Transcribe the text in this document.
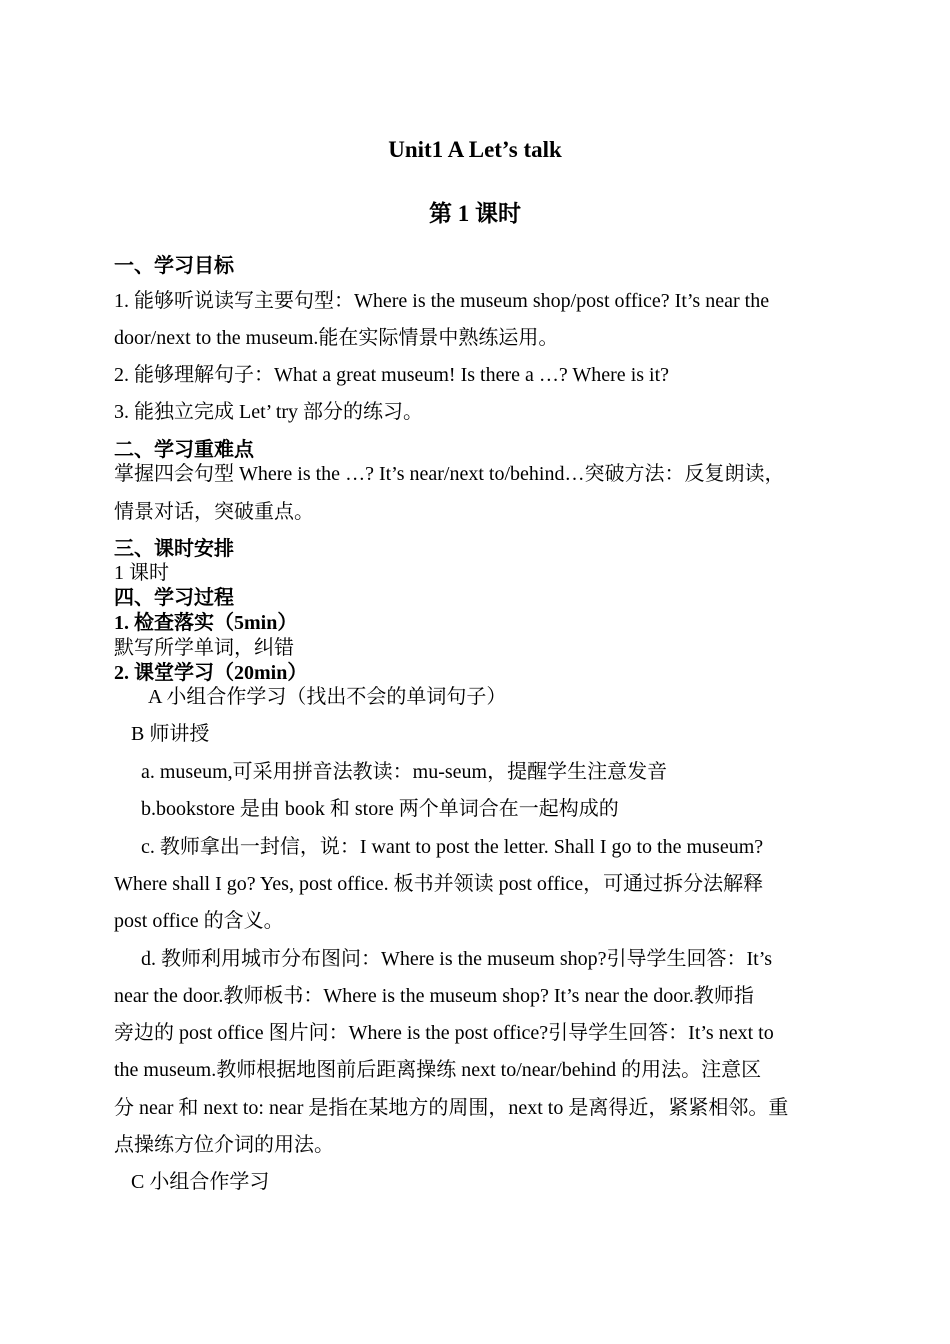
Unit1 A Let’s talk
第 1 课时
一、学习目标
1. 能够听说读写主要句型：Where is the museum shop/post office? It’s near the
door/next to the museum.能在实际情景中熟练运用。
2. 能够理解句子：What a great museum! Is there a …? Where is it?
3. 能独立完成 Let’ try 部分的练习。
二、学习重难点
掌握四会句型 Where is the …? It’s near/next to/behind…突破方法：反复朗读，
情景对话，突破重点。
三、课时安排
1 课时
四、学习过程
1. 检查落实（5min）
默写所学单词，纠错
2. 课堂学习（20min）
A 小组合作学习（找出不会的单词句子）
B 师讲授
a. museum,可采用拼音法教读：mu-seum，提醒学生注意发音
b.bookstore 是由 book 和 store 两个单词合在一起构成的
c. 教师拿出一封信，说：I want to post the letter. Shall I go to the museum?
Where shall I go? Yes, post office. 板书并领读 post office，可通过拆分法解释
post office 的含义。
d. 教师利用城市分布图问：Where is the museum shop?引导学生回答：It’s
near the door.教师板书：Where is the museum shop? It’s near the door.教师指
旁边的 post office 图片问：Where is the post office?引导学生回答：It’s next to
the museum.教师根据地图前后距离操练 next to/near/behind 的用法。注意区
分 near 和 next to: near 是指在某地方的周围，next to 是离得近，紧紧相邻。重
点操练方位介词的用法。
C 小组合作学习
